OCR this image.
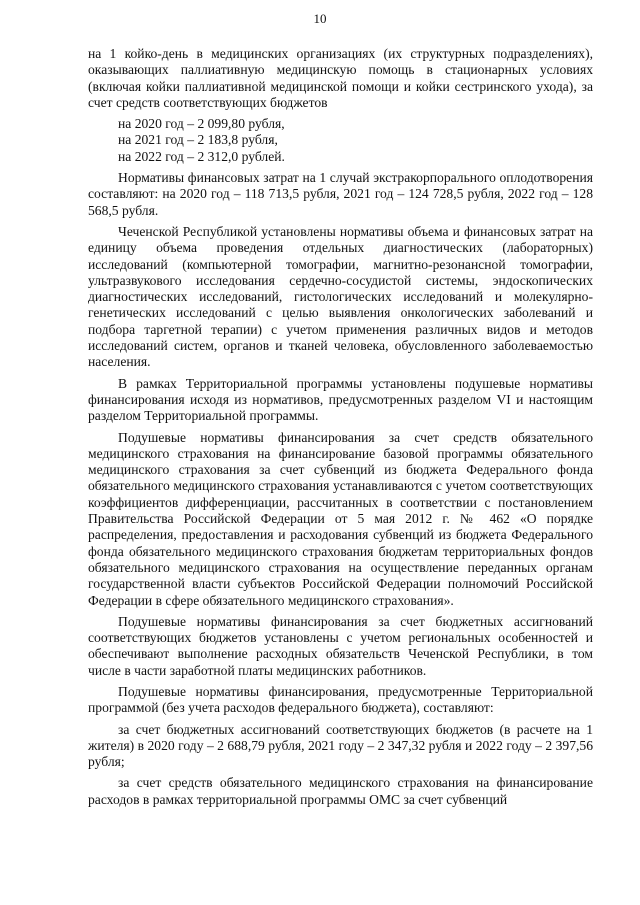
10

на 1 койко-день в медицинских организациях (их структурных подразделениях), оказывающих паллиативную медицинскую помощь в стационарных условиях (включая койки паллиативной медицинской помощи и койки сестринского ухода), за счет средств соответствующих бюджетов

на 2020 год – 2 099,80 рубля,

на 2021 год – 2 183,8 рубля,

на 2022 год – 2 312,0 рублей.

Нормативы финансовых затрат на 1 случай экстракорпорального оплодотворения составляют: на 2020 год – 118 713,5 рубля, 2021 год – 124 728,5 рубля, 2022 год – 128 568,5 рубля.

Чеченской Республикой установлены нормативы объема и финансовых затрат на единицу объема проведения отдельных диагностических (лабораторных) исследований (компьютерной томографии, магнитно-резонансной томографии, ультразвукового исследования сердечно-сосудистой системы, эндоскопических диагностических исследований, гистологических исследований и молекулярно-генетических исследований с целью выявления онкологических заболеваний и подбора таргетной терапии) с учетом применения различных видов и методов исследований систем, органов и тканей человека, обусловленного заболеваемостью населения.

В рамках Территориальной программы установлены подушевые нормативы финансирования исходя из нормативов, предусмотренных разделом VI и настоящим разделом Территориальной программы.

Подушевые нормативы финансирования за счет средств обязательного медицинского страхования на финансирование базовой программы обязательного медицинского страхования за счет субвенций из бюджета Федерального фонда обязательного медицинского страхования устанавливаются с учетом соответствующих коэффициентов дифференциации, рассчитанных в соответствии с постановлением Правительства Российской Федерации от 5 мая 2012 г. № 462 «О порядке распределения, предоставления и расходования субвенций из бюджета Федерального фонда обязательного медицинского страхования бюджетам территориальных фондов обязательного медицинского страхования на осуществление переданных органам государственной власти субъектов Российской Федерации полномочий Российской Федерации в сфере обязательного медицинского страхования».

Подушевые нормативы финансирования за счет бюджетных ассигнований соответствующих бюджетов установлены с учетом региональных особенностей и обеспечивают выполнение расходных обязательств Чеченской Республики, в том числе в части заработной платы медицинских работников.

Подушевые нормативы финансирования, предусмотренные Территориальной программой (без учета расходов федерального бюджета), составляют:

за счет бюджетных ассигнований соответствующих бюджетов (в расчете на 1 жителя) в 2020 году – 2 688,79 рубля, 2021 году – 2 347,32 рубля и 2022 году – 2 397,56 рубля;

за счет средств обязательного медицинского страхования на финансирование расходов в рамках территориальной программы ОМС за счет субвенций
